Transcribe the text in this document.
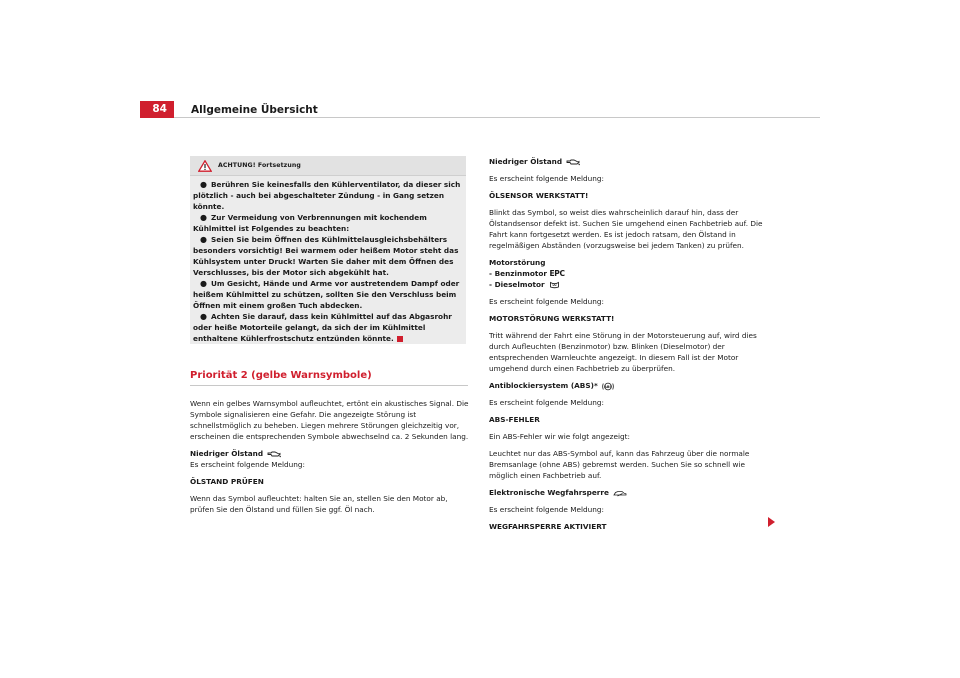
84	Allgemeine Übersicht
ACHTUNG! Fortsetzung
● Berühren Sie keinesfalls den Kühlerventilator, da dieser sich plötzlich - auch bei abgeschalteter Zündung - in Gang setzen könnte.
● Zur Vermeidung von Verbrennungen mit kochendem Kühlmittel ist Folgendes zu beachten:
● Seien Sie beim Öffnen des Kühlmittelausgleichsbehälters besonders vorsichtig! Bei warmem oder heißem Motor steht das Kühlsystem unter Druck! Warten Sie daher mit dem Öffnen des Verschlusses, bis der Motor sich abgekühlt hat.
● Um Gesicht, Hände und Arme vor austretendem Dampf oder heißem Kühlmittel zu schützen, sollten Sie den Verschluss beim Öffnen mit einem großen Tuch abdecken.
● Achten Sie darauf, dass kein Kühlmittel auf das Abgasrohr oder heiße Motorteile gelangt, da sich der im Kühlmittel enthaltene Kühlerfrostschutz entzünden könnte.
Priorität 2 (gelbe Warnsymbole)

Wenn ein gelbes Warnsymbol aufleuchtet, ertönt ein akustisches Signal. Die Symbole signalisieren eine Gefahr. Die angezeigte Störung ist schnellstmöglich zu beheben. Liegen mehrere Störungen gleichzeitig vor, erscheinen die entsprechenden Symbole abwechselnd ca. 2 Sekunden lang.

Niedriger Ölstand

Es erscheint folgende Meldung:

ÖLSTAND PRÜFEN

Wenn das Symbol aufleuchtet: halten Sie an, stellen Sie den Motor ab, prüfen Sie den Ölstand und füllen Sie ggf. Öl nach.

Niedriger Ölstand

Es erscheint folgende Meldung:

ÖLSENSOR WERKSTATT!

Blinkt das Symbol, so weist dies wahrscheinlich darauf hin, dass der Ölstandsensor defekt ist. Suchen Sie umgehend einen Fachbetrieb auf. Die Fahrt kann fortgesetzt werden. Es ist jedoch ratsam, den Ölstand in regelmäßigen Abständen (vorzugsweise bei jedem Tanken) zu prüfen.

Motorstörung

- Benzinmotor EPC

- Dieselmotor

Es erscheint folgende Meldung:

MOTORSTÖRUNG WERKSTATT!

Tritt während der Fahrt eine Störung in der Motorsteuerung auf, wird dies durch Aufleuchten (Benzinmotor) bzw. Blinken (Dieselmotor) der entsprechenden Warnleuchte angezeigt. In diesem Fall ist der Motor umgehend durch einen Fachbetrieb zu überprüfen.

Antiblockiersystem (ABS)* ABS

Es erscheint folgende Meldung:

ABS-FEHLER

Ein ABS-Fehler wir wie folgt angezeigt:

Leuchtet nur das ABS-Symbol auf, kann das Fahrzeug über die normale Bremsanlage (ohne ABS) gebremst werden. Suchen Sie so schnell wie möglich einen Fachbetrieb auf.

Elektronische Wegfahrsperre

Es erscheint folgende Meldung:

WEGFAHRSPERRE AKTIVIERT
